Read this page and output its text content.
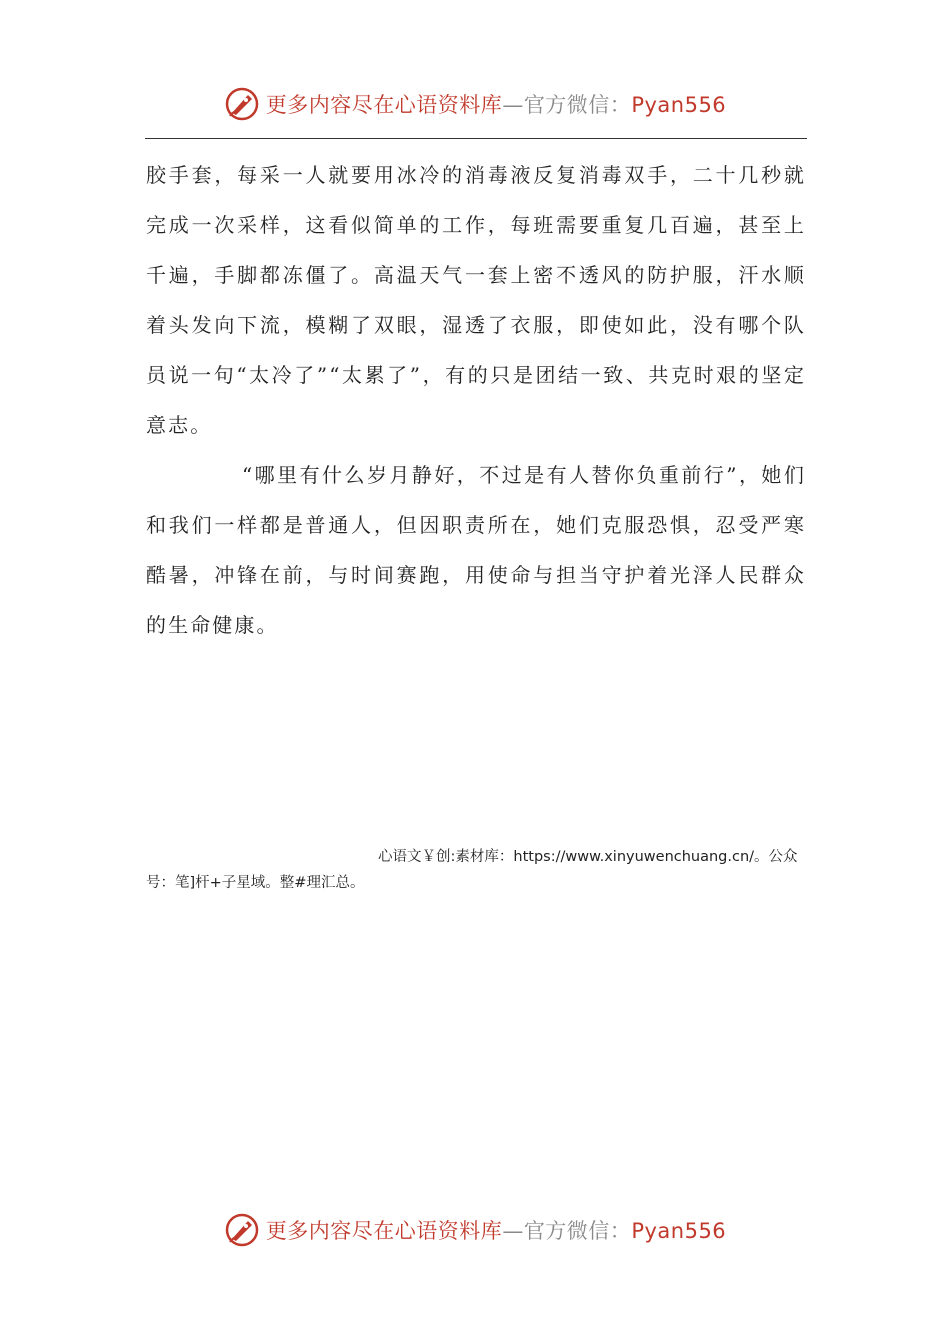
更多内容尽在心语资料库—官方微信：Pyan556

胶手套，每采一人就要用冰冷的消毒液反复消毒双手，二十几秒就完成一次采样，这看似简单的工作，每班需要重复几百遍，甚至上千遍，手脚都冻僵了。高温天气一套上密不透风的防护服，汗水顺着头发向下流，模糊了双眼，湿透了衣服，即使如此，没有哪个队员说一句“太冷了”“太累了”，有的只是团结一致、共克时艰的坚定意志。

“哪里有什么岁月静好，不过是有人替你负重前行”，她们和我们一样都是普通人，但因职责所在，她们克服恐惧，忍受严寒酷暑，冲锋在前，与时间赛跑，用使命与担当守护着光泽人民群众的生命健康。

心语文￥创:素材库：https://www.xinyuwenchuang.cn/。公众号：笔]杆+子星域。整#理汇总。
更多内容尽在心语资料库—官方微信：Pyan556
